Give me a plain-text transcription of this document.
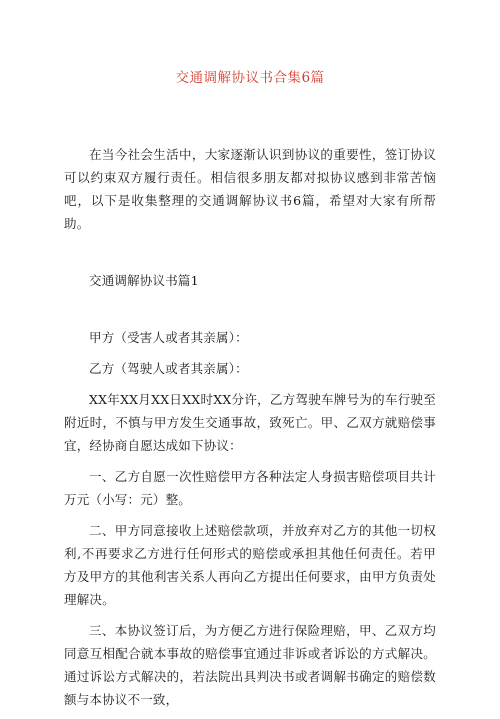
交通调解协议书合集6篇

在当今社会生活中，大家逐渐认识到协议的重要性，签订协议可以约束双方履行责任。相信很多朋友都对拟协议感到非常苦恼吧，以下是收集整理的交通调解协议书6篇，希望对大家有所帮助。

交通调解协议书篇1

甲方（受害人或者其亲属）：

乙方（驾驶人或者其亲属）：

XX年XX月XX日XX时XX分许，乙方驾驶车牌号为的车行驶至附近时，不慎与甲方发生交通事故，致死亡。甲、乙双方就赔偿事宜，经协商自愿达成如下协议：

一、乙方自愿一次性赔偿甲方各种法定人身损害赔偿项目共计万元（小写：元）整。

二、甲方同意接收上述赔偿款项，并放弃对乙方的其他一切权利,不再要求乙方进行任何形式的赔偿或承担其他任何责任。若甲方及甲方的其他利害关系人再向乙方提出任何要求，由甲方负责处理解决。

三、本协议签订后，为方便乙方进行保险理赔，甲、乙双方均同意互相配合就本事故的赔偿事宜通过非诉或者诉讼的方式解决。通过诉讼方式解决的，若法院出具判决书或者调解书确定的赔偿数额与本协议不一致，
